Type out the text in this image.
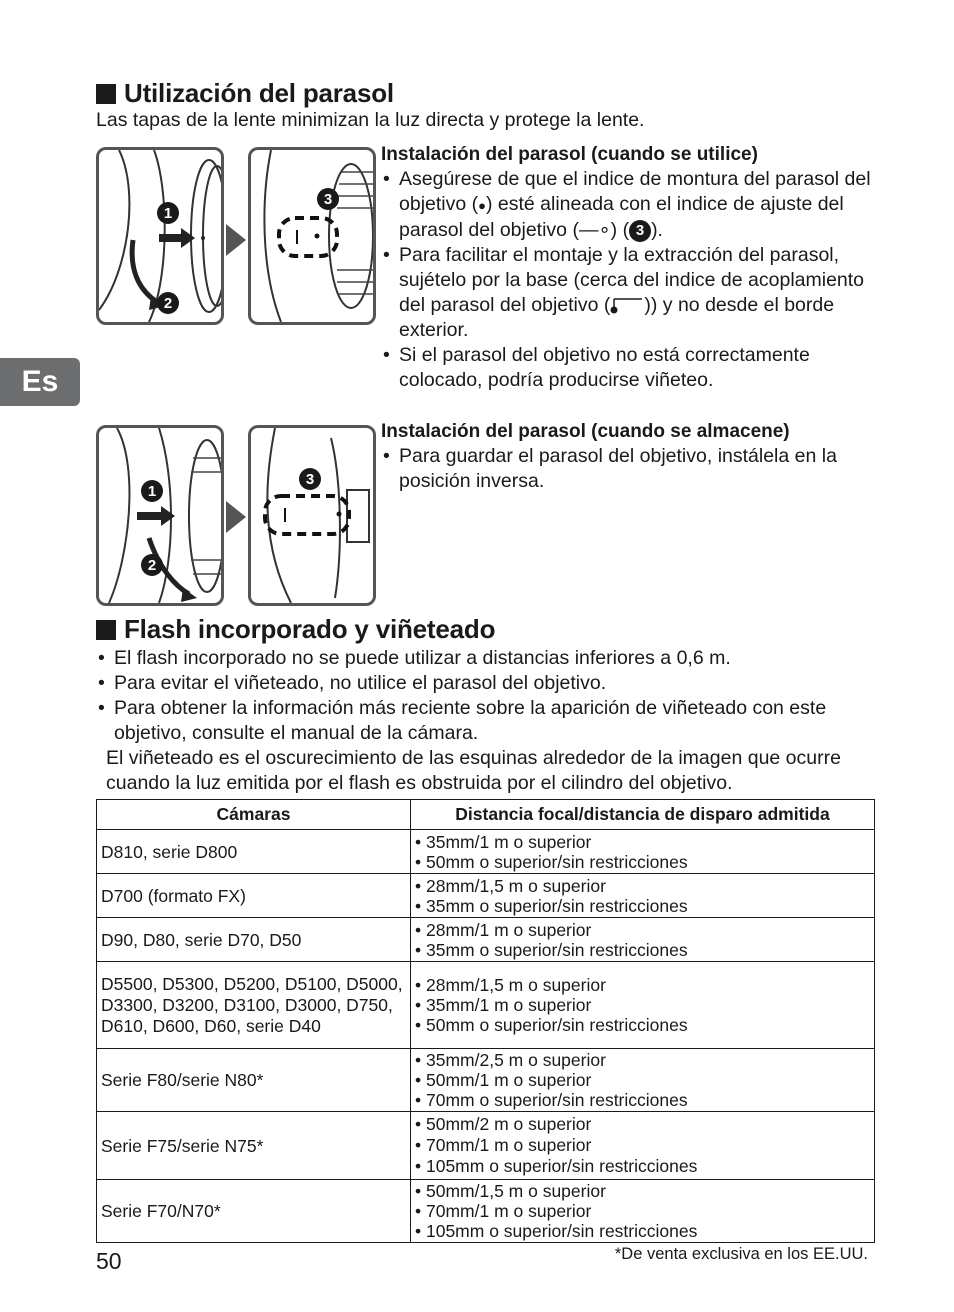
Es
Utilización del parasol
Las tapas de la lente minimizan la luz directa y protege la lente.
1
2
3
1
2
3
Instalación del parasol (cuando se utilice)
• Asegúrese de que el indice de montura del parasol del objetivo (●) esté alineada con el indice de ajuste del parasol del objetivo (—∘) ( 3 ).
• Para facilitar el montaje y la extracción del parasol, sujételo por la base (cerca del indice de acoplamiento del parasol del objetivo ( )) y no desde el borde exterior.
• Si el parasol del objetivo no está correctamente colocado, podría producirse viñeteo.
Instalación del parasol (cuando se almacene)
• Para guardar el parasol del objetivo, instálela en la posición inversa.
Flash incorporado y viñeteado
• El flash incorporado no se puede utilizar a distancias inferiores a 0,6 m.
• Para evitar el viñeteado, no utilice el parasol del objetivo.
• Para obtener la información más reciente sobre la aparición de viñeteado con este objetivo, consulte el manual de la cámara.
El viñeteado es el oscurecimiento de las esquinas alrededor de la imagen que ocurre cuando la luz emitida por el flash es obstruida por el cilindro del objetivo.
Cámaras	Distancia focal/distancia de disparo admitida
D810, serie D800	• 35mm/1 m o superior
• 50mm o superior/sin restricciones

D700 (formato FX)	• 28mm/1,5 m o superior
• 35mm o superior/sin restricciones

D90, D80, serie D70, D50	• 28mm/1 m o superior
• 35mm o superior/sin restricciones

D5500, D5300, D5200, D5100, D5000, D3300, D3200, D3100, D3000, D750, D610, D600, D60, serie D40	• 28mm/1,5 m o superior
• 35mm/1 m o superior
• 50mm o superior/sin restricciones

Serie F80/serie N80*	• 35mm/2,5 m o superior
• 50mm/1 m o superior
• 70mm o superior/sin restricciones

Serie F75/serie N75*	• 50mm/2 m o superior
• 70mm/1 m o superior
• 105mm o superior/sin restricciones

Serie F70/N70*	• 50mm/1,5 m o superior
• 70mm/1 m o superior
• 105mm o superior/sin restricciones
*De venta exclusiva en los EE.UU.
50
